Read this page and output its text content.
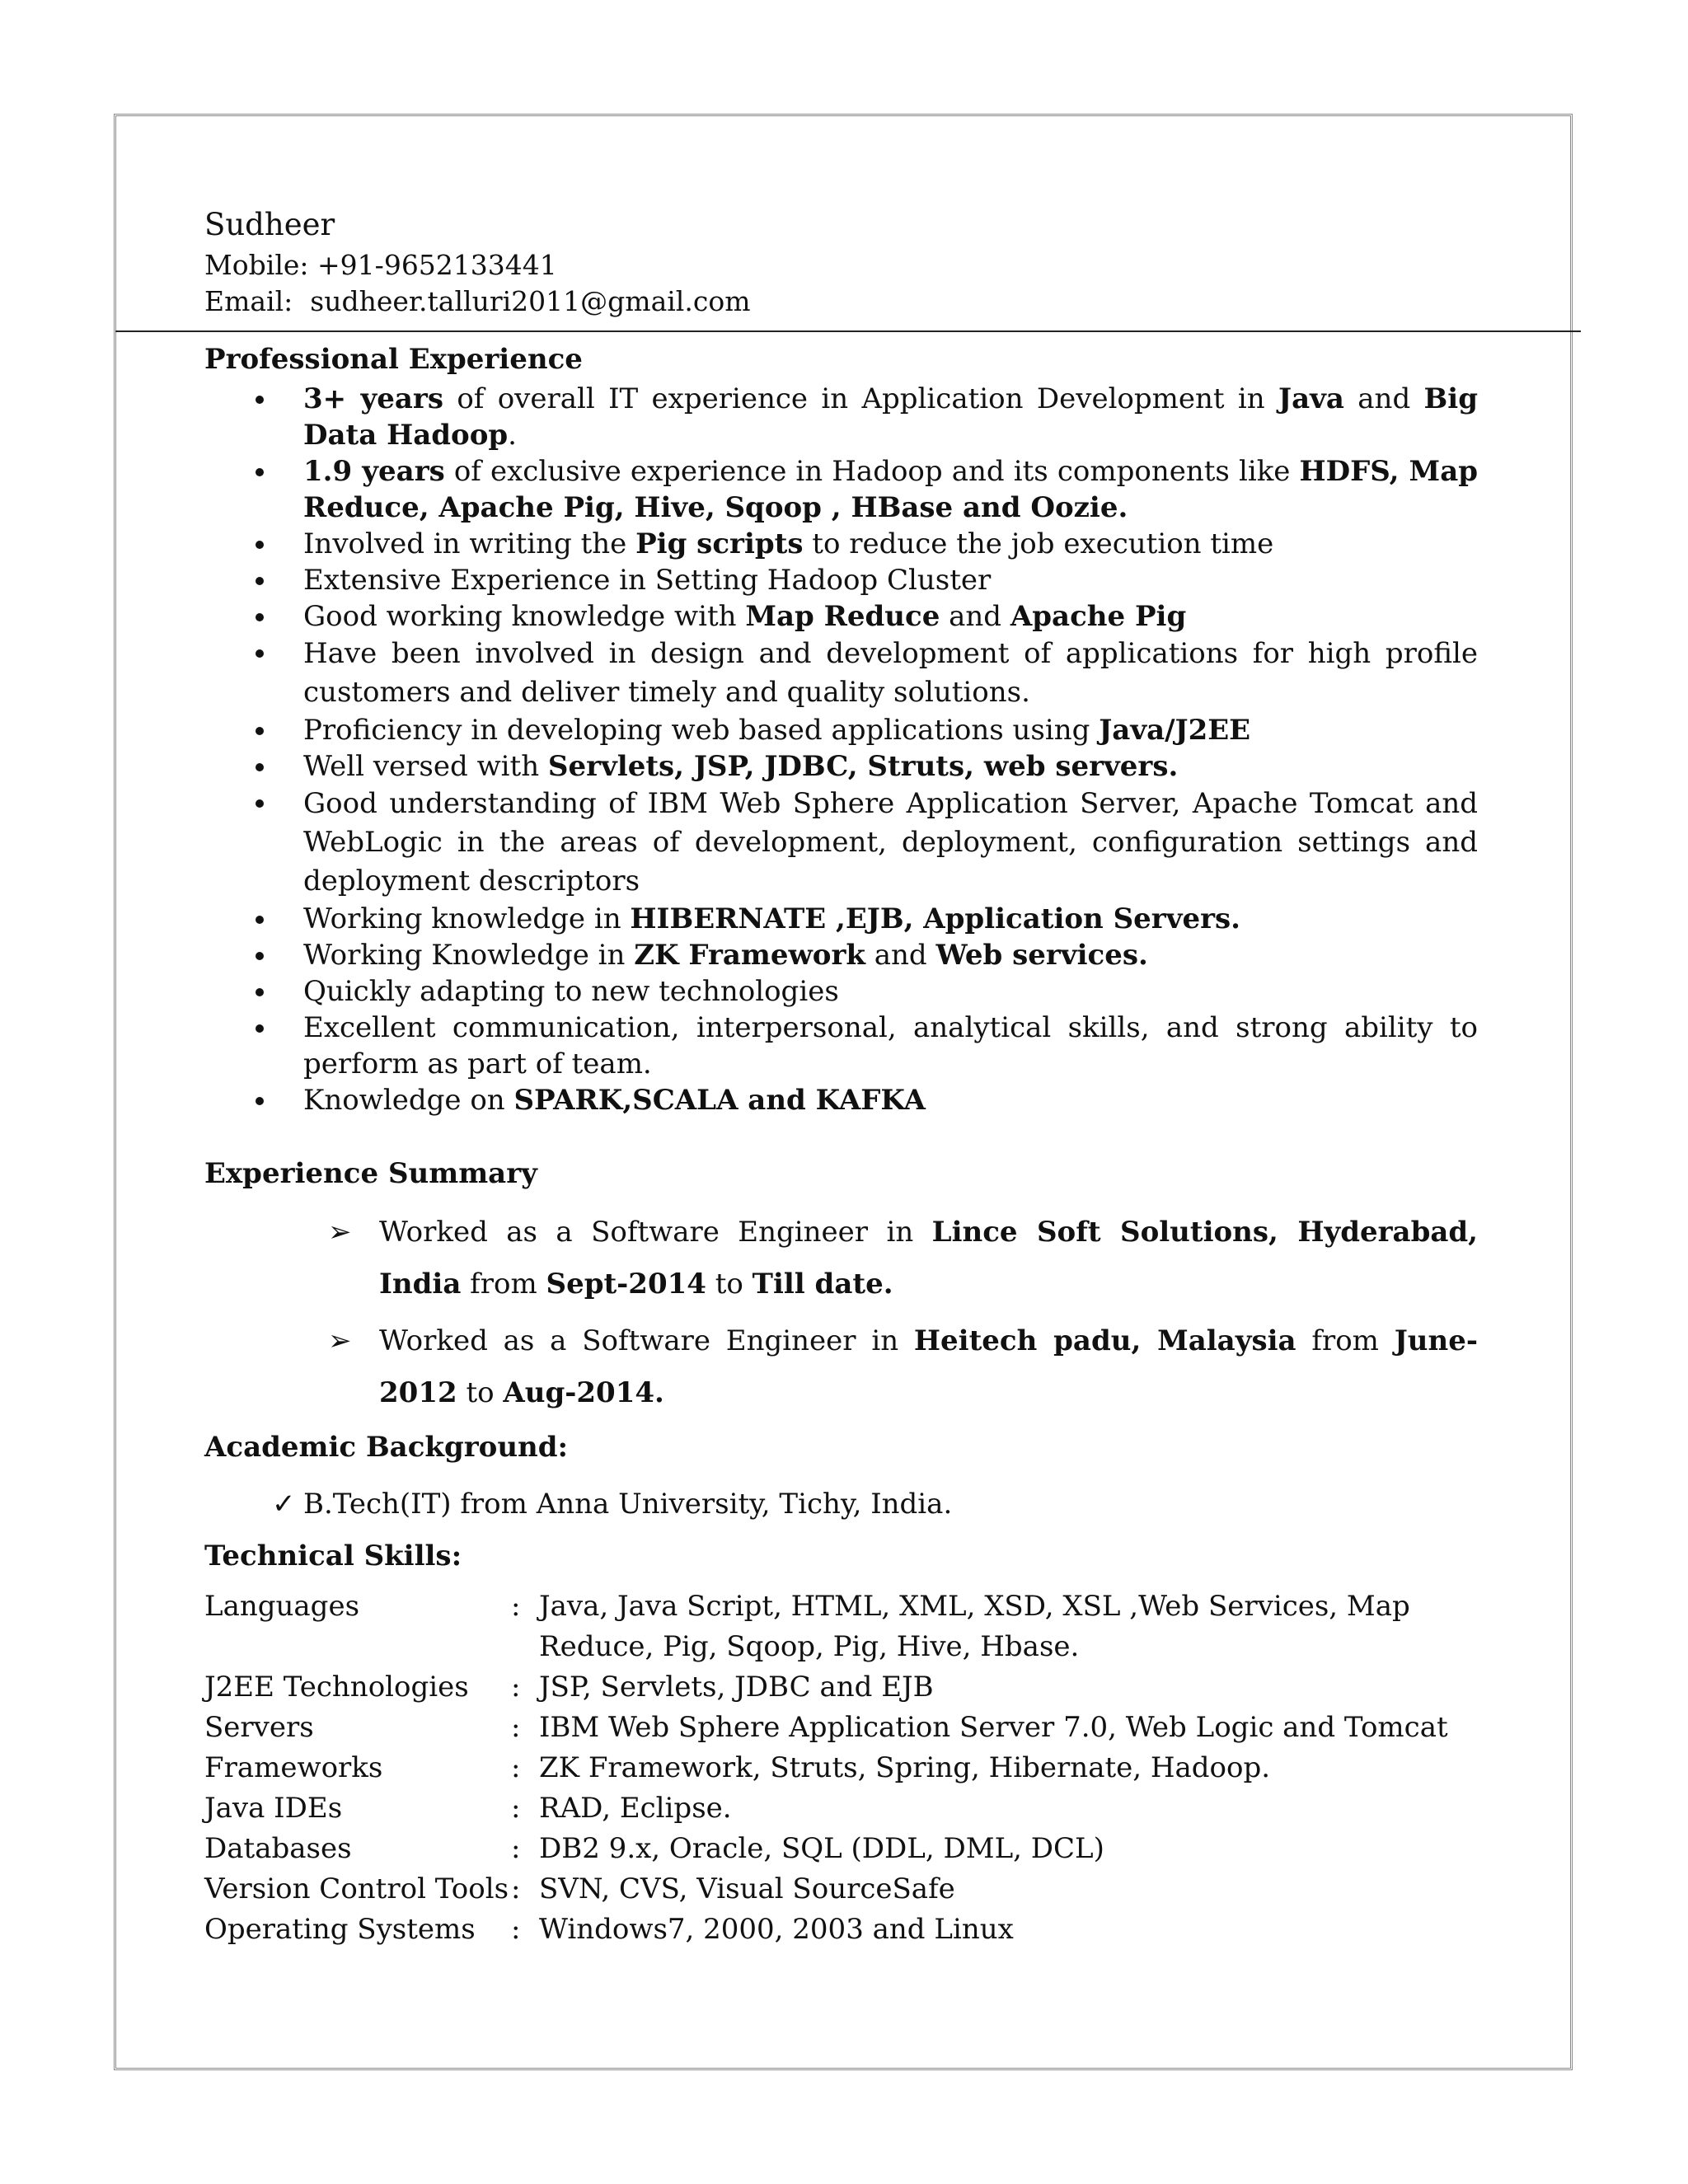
Sudheer
Mobile: +91-9652133441
Email: sudheer.talluri2011@gmail.com
Professional Experience
3+ years of overall IT experience in Application Development in Java and Big Data Hadoop.
1.9 years of exclusive experience in Hadoop and its components like HDFS, Map Reduce, Apache Pig, Hive, Sqoop , HBase and Oozie.
Involved in writing the Pig scripts to reduce the job execution time
Extensive Experience in Setting Hadoop Cluster
Good working knowledge with Map Reduce and Apache Pig
Have been involved in design and development of applications for high profile customers and deliver timely and quality solutions.
Proficiency in developing web based applications using Java/J2EE
Well versed with Servlets, JSP, JDBC, Struts, web servers.
Good understanding of IBM Web Sphere Application Server, Apache Tomcat and WebLogic in the areas of development, deployment, configuration settings and deployment descriptors
Working knowledge in HIBERNATE ,EJB, Application Servers.
Working Knowledge in ZK Framework and Web services.
Quickly adapting to new technologies
Excellent communication, interpersonal, analytical skills, and strong ability to perform as part of team.
Knowledge on SPARK,SCALA and KAFKA
Experience Summary
➢ Worked as a Software Engineer in Lince Soft Solutions, Hyderabad, India from Sept-2014 to Till date.
➢ Worked as a Software Engineer in Heitech padu, Malaysia from June-2012 to Aug-2014.
Academic Background:
✓ B.Tech(IT) from Anna University, Tichy, India.
Technical Skills:
Languages	: Java, Java Script, HTML, XML, XSD, XSL ,Web Services, Map Reduce, Pig, Sqoop, Pig, Hive, Hbase.
J2EE Technologies	: JSP, Servlets, JDBC and EJB
Servers	: IBM Web Sphere Application Server 7.0, Web Logic and Tomcat
Frameworks	: ZK Framework, Struts, Spring, Hibernate, Hadoop.
Java IDEs	: RAD, Eclipse.
Databases	: DB2 9.x, Oracle, SQL (DDL, DML, DCL)
Version Control Tools : SVN, CVS, Visual SourceSafe
Operating Systems	: Windows7, 2000, 2003 and Linux
